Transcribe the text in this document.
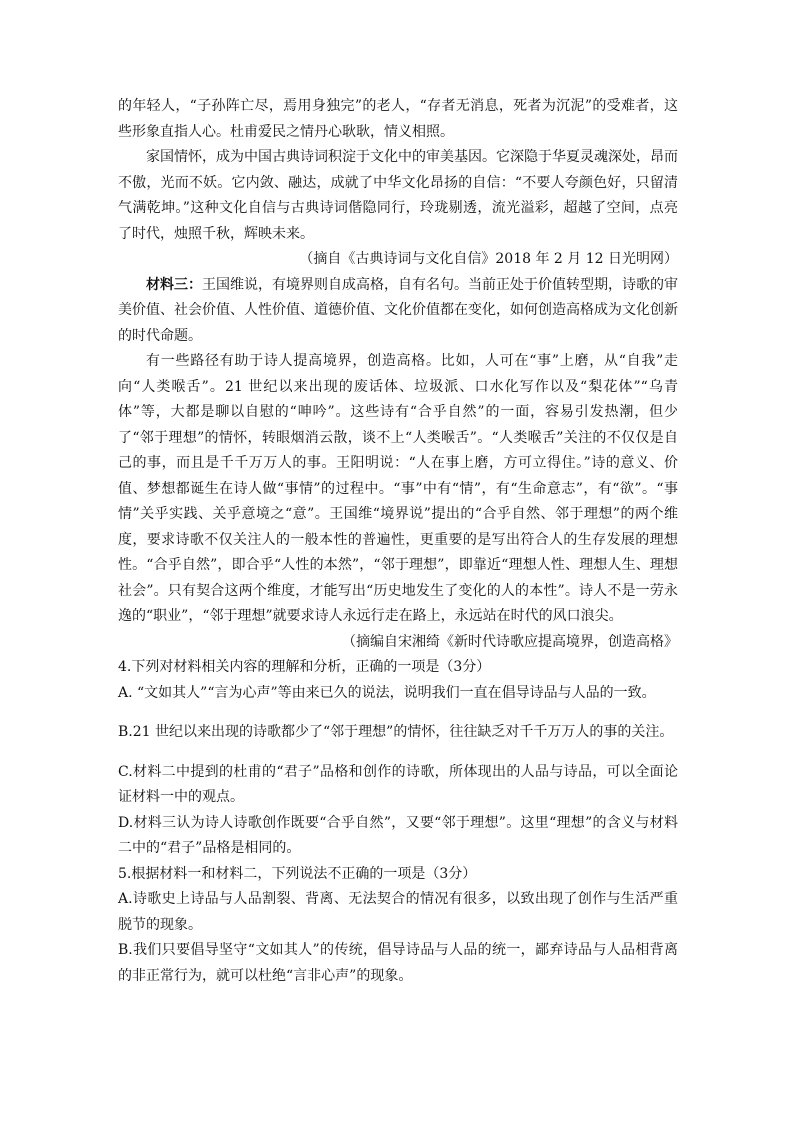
的年轻人，“子孙阵亡尽，焉用身独完”的老人，“存者无消息，死者为沉泥”的受难者，这些形象直指人心。杜甫爱民之情丹心耿耿，情义相照。

家国情怀，成为中国古典诗词积淀于文化中的审美基因。它深隐于华夏灵魂深处，昂而不傲，光而不妖。它内敛、融达，成就了中华文化昂扬的自信：“不要人夸颜色好，只留清气满乾坤。”这种文化自信与古典诗词偕隐同行，玲珑剔透，流光溢彩，超越了空间，点亮了时代，烛照千秋，辉映未来。

（摘自《古典诗词与文化自信》2018 年 2 月 12 日光明网）

材料三：王国维说，有境界则自成高格，自有名句。当前正处于价值转型期，诗歌的审美价值、社会价值、人性价值、道德价值、文化价值都在变化，如何创造高格成为文化创新的时代命题。

有一些路径有助于诗人提高境界，创造高格。比如，人可在“事”上磨，从“自我”走向“人类喉舌”。21 世纪以来出现的废话体、垃圾派、口水化写作以及“梨花体”“乌青体”等，大都是聊以自慰的“呻吟”。这些诗有“合乎自然”的一面，容易引发热潮，但少了“邻于理想”的情怀，转眼烟消云散，谈不上“人类喉舌”。“人类喉舌”关注的不仅仅是自己的事，而且是千千万万人的事。王阳明说：“人在事上磨，方可立得住。”诗的意义、价值、梦想都诞生在诗人做“事情”的过程中。“事”中有“情”，有“生命意志”，有“欲”。“事情”关乎实践、关乎意境之“意”。王国维“境界说”提出的“合乎自然、邻于理想”的两个维度，要求诗歌不仅关注人的一般本性的普遍性，更重要的是写出符合人的生存发展的理想性。“合乎自然”，即合乎“人性的本然”，“邻于理想”，即靠近“理想人性、理想人生、理想社会”。只有契合这两个维度，才能写出“历史地发生了变化的人的本性”。诗人不是一劳永逸的“职业”，“邻于理想”就要求诗人永远行走在路上，永远站在时代的风口浪尖。

（摘编自宋湘绮《新时代诗歌应提高境界，创造高格》

4.下列对材料相关内容的理解和分析，正确的一项是（3分）

A. “文如其人”“言为心声”等由来已久的说法，说明我们一直在倡导诗品与人品的一致。

B.21 世纪以来出现的诗歌都少了“邻于理想”的情怀，往往缺乏对千千万万人的事的关注。

C.材料二中提到的杜甫的“君子”品格和创作的诗歌，所体现出的人品与诗品，可以全面论证材料一中的观点。

D.材料三认为诗人诗歌创作既要“合乎自然”，又要“邻于理想”。这里“理想”的含义与材料二中的“君子”品格是相同的。

5.根据材料一和材料二，下列说法不正确的一项是（3分）

A.诗歌史上诗品与人品割裂、背离、无法契合的情况有很多，以致出现了创作与生活严重脱节的现象。

B.我们只要倡导坚守“文如其人”的传统，倡导诗品与人品的统一，鄙弃诗品与人品相背离的非正常行为，就可以杜绝“言非心声”的现象。
